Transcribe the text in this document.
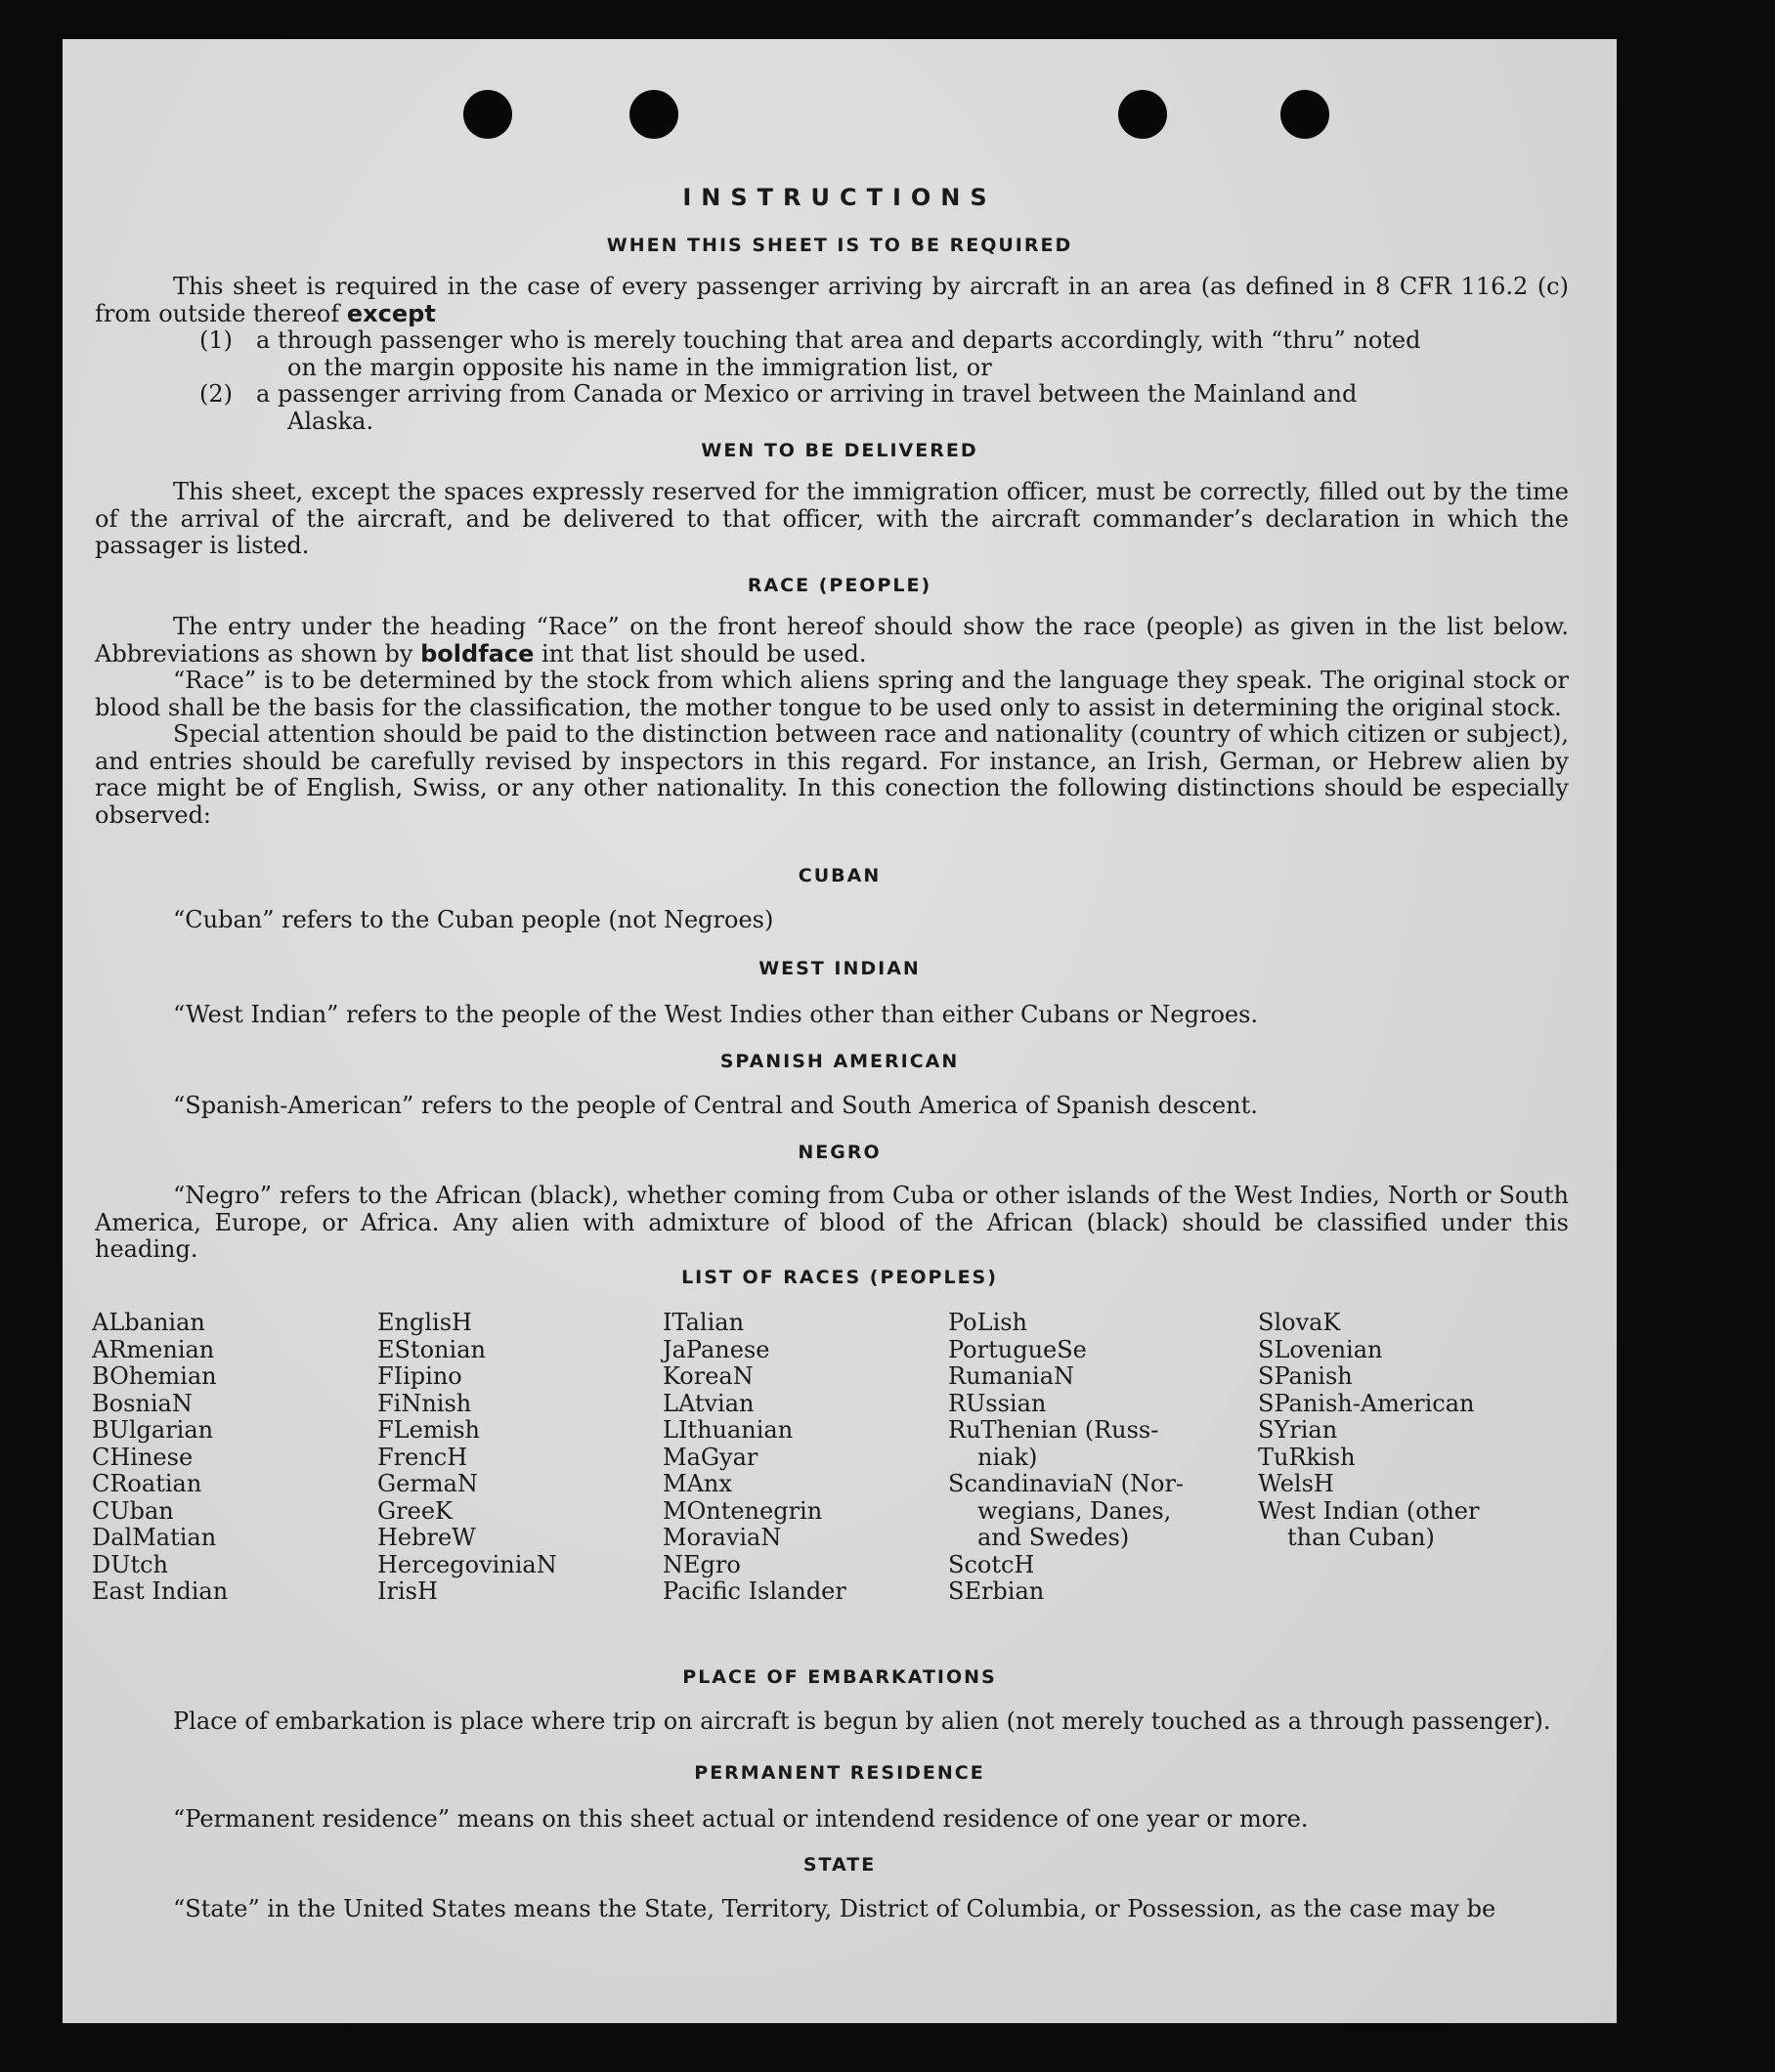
INSTRUCTIONS
WHEN THIS SHEET IS TO BE REQUIRED
This sheet is required in the case of every passenger arriving by aircraft in an area (as defined in 8 CFR 116.2 (c) from outside thereof except
(1) a through passenger who is merely touching that area and departs accordingly, with “thru” noted
on the margin opposite his name in the immigration list, or
(2) a passenger arriving from Canada or Mexico or arriving in travel between the Mainland and
Alaska.
WEN TO BE DELIVERED
This sheet, except the spaces expressly reserved for the immigration officer, must be correctly, filled out by the time of the arrival of the aircraft, and be delivered to that officer, with the aircraft commander’s declaration in which the passager is listed.
RACE (PEOPLE)
The entry under the heading “Race” on the front hereof should show the race (people) as given in the list below. Abbreviations as shown by boldface int that list should be used.
“Race” is to be determined by the stock from which aliens spring and the language they speak. The original stock or blood shall be the basis for the classification, the mother tongue to be used only to assist in determining the original stock.
Special attention should be paid to the distinction between race and nationality (country of which citizen or subject), and entries should be carefully revised by inspectors in this regard. For instance, an Irish, German, or Hebrew alien by race might be of English, Swiss, or any other nationality. In this conection the following distinctions should be especially observed:
CUBAN
“Cuban” refers to the Cuban people (not Negroes)
WEST INDIAN
“West Indian” refers to the people of the West Indies other than either Cubans or Negroes.
SPANISH AMERICAN
“Spanish-American” refers to the people of Central and South America of Spanish descent.
NEGRO
“Negro” refers to the African (black), whether coming from Cuba or other islands of the West Indies, North or South America, Europe, or Africa. Any alien with admixture of blood of the African (black) should be classified under this heading.
LIST OF RACES (PEOPLES)
ALbanian
ARmenian
BOhemian
BosniaN
BUlgarian
CHinese
CRoatian
CUban
DalMatian
DUtch
East Indian
EnglisH
EStonian
FIipino
FiNnish
FLemish
FrencH
GermaN
GreeK
HebreW
HercegoviniaN
IrisH
ITalian
JaPanese
KoreaN
LAtvian
LIthuanian
MaGyar
MAnx
MOntenegrin
MoraviaN
NEgro
Pacific Islander
PoLish
PortugueSe
RumaniaN
RUssian
RuThenian (Russ-
niak)
ScandinaviaN (Nor-
wegians, Danes,
and Swedes)
ScotcH
SErbian
SlovaK
SLovenian
SPanish
SPanish-American
SYrian
TuRkish
WelsH
West Indian (other
than Cuban)
PLACE OF EMBARKATIONS
Place of embarkation is place where trip on aircraft is begun by alien (not merely touched as a through passenger).
PERMANENT RESIDENCE
“Permanent residence” means on this sheet actual or intendend residence of one year or more.
STATE
“State” in the United States means the State, Territory, District of Columbia, or Possession, as the case may be
